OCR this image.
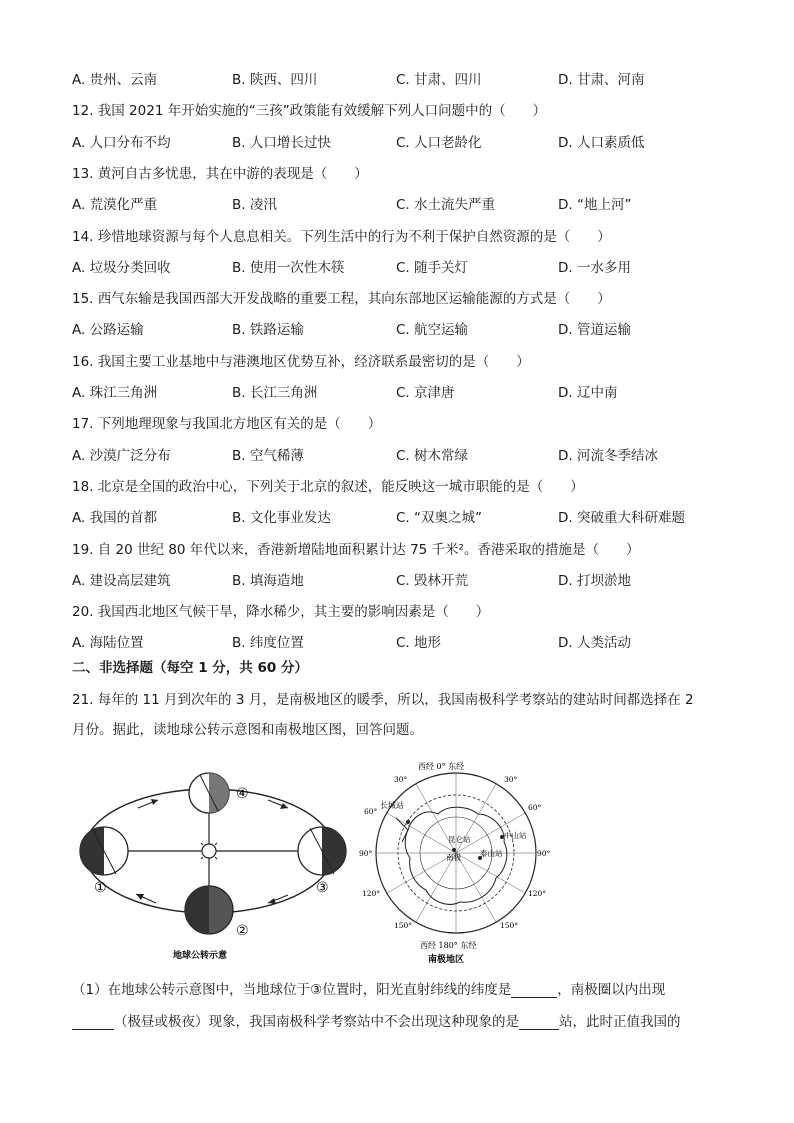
A. 贵州、云南	B. 陕西、四川	C. 甘肃、四川	D. 甘肃、河南
12. 我国 2021 年开始实施的“三孩”政策能有效缓解下列人口问题中的（　　）
A. 人口分布不均	B. 人口增长过快	C. 人口老龄化	D. 人口素质低
13. 黄河自古多忧患，其在中游的表现是（　　）
A. 荒漠化严重	B. 凌汛	C. 水土流失严重	D. “地上河”
14. 珍惜地球资源与每个人息息相关。下列生活中的行为不利于保护自然资源的是（　　）
A. 垃圾分类回收	B. 使用一次性木筷	C. 随手关灯	D. 一水多用
15. 西气东输是我国西部大开发战略的重要工程，其向东部地区运输能源的方式是（　　）
A. 公路运输	B. 铁路运输	C. 航空运输	D. 管道运输
16. 我国主要工业基地中与港澳地区优势互补，经济联系最密切的是（　　）
A. 珠江三角洲	B. 长江三角洲	C. 京津唐	D. 辽中南
17. 下列地理现象与我国北方地区有关的是（　　）
A. 沙漠广泛分布	B. 空气稀薄	C. 树木常绿	D. 河流冬季结冰
18. 北京是全国的政治中心，下列关于北京的叙述，能反映这一城市职能的是（　　）
A. 我国的首都	B. 文化事业发达	C. “双奥之城”	D. 突破重大科研难题
19. 自 20 世纪 80 年代以来，香港新增陆地面积累计达 75 千米²。香港采取的措施是（　　）
A. 建设高层建筑	B. 填海造地	C. 毁林开荒	D. 打坝淤地
20. 我国西北地区气候干旱，降水稀少，其主要的影响因素是（　　）
A. 海陆位置	B. 纬度位置	C. 地形	D. 人类活动
二、非选择题（每空 1 分，共 60 分）
21. 每年的 11 月到次年的 3 月，是南极地区的暖季，所以，我国南极科学考察站的建站时间都选择在 2
月份。据此，读地球公转示意图和南极地区图，回答问题。
①
②
③
④
地球公转示意
西经 0° 东经
西经 180° 东经
30°	30°
60°	60°
90°	90°
120°	120°
150°	150°
长城站
昆仑站	中山站
泰山站
南极
南极地区
（1）在地球公转示意图中，当地球位于③位置时，阳光直射纬线的纬度是	，南极圈以内出现
（极昼或极夜）现象，我国南极科学考察站中不会出现这种现象的是	站，此时正值我国的
